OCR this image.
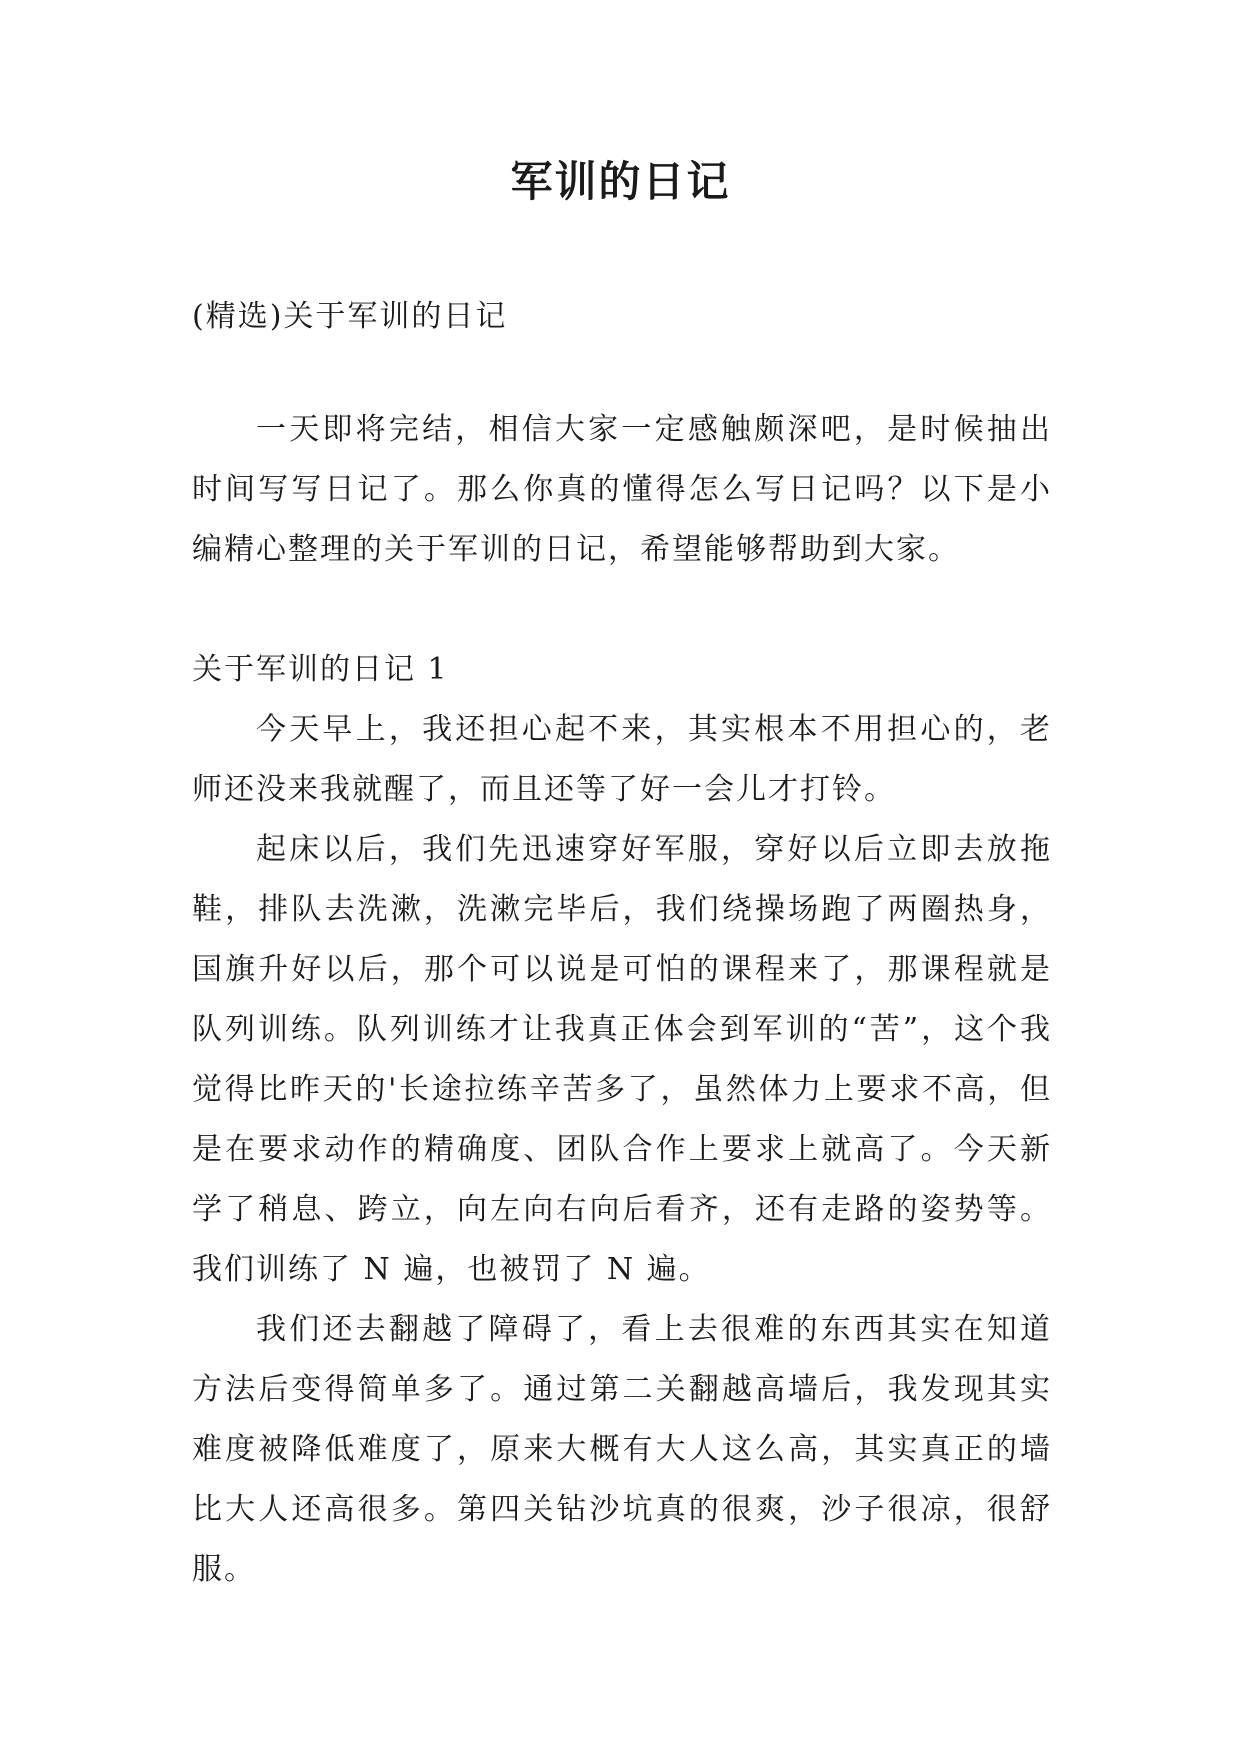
军训的日记

(精选)关于军训的日记

一天即将完结，相信大家一定感触颇深吧，是时候抽出时间写写日记了。那么你真的懂得怎么写日记吗？以下是小编精心整理的关于军训的日记，希望能够帮助到大家。

关于军训的日记 1

今天早上，我还担心起不来，其实根本不用担心的，老师还没来我就醒了，而且还等了好一会儿才打铃。

起床以后，我们先迅速穿好军服，穿好以后立即去放拖鞋，排队去洗漱，洗漱完毕后，我们绕操场跑了两圈热身，国旗升好以后，那个可以说是可怕的课程来了，那课程就是队列训练。队列训练才让我真正体会到军训的“苦”，这个我觉得比昨天的'长途拉练辛苦多了，虽然体力上要求不高，但是在要求动作的精确度、团队合作上要求上就高了。今天新学了稍息、跨立，向左向右向后看齐，还有走路的姿势等。我们训练了 N 遍，也被罚了 N 遍。

我们还去翻越了障碍了，看上去很难的东西其实在知道方法后变得简单多了。通过第二关翻越高墙后，我发现其实难度被降低难度了，原来大概有大人这么高，其实真正的墙比大人还高很多。第四关钻沙坑真的很爽，沙子很凉，很舒服。
